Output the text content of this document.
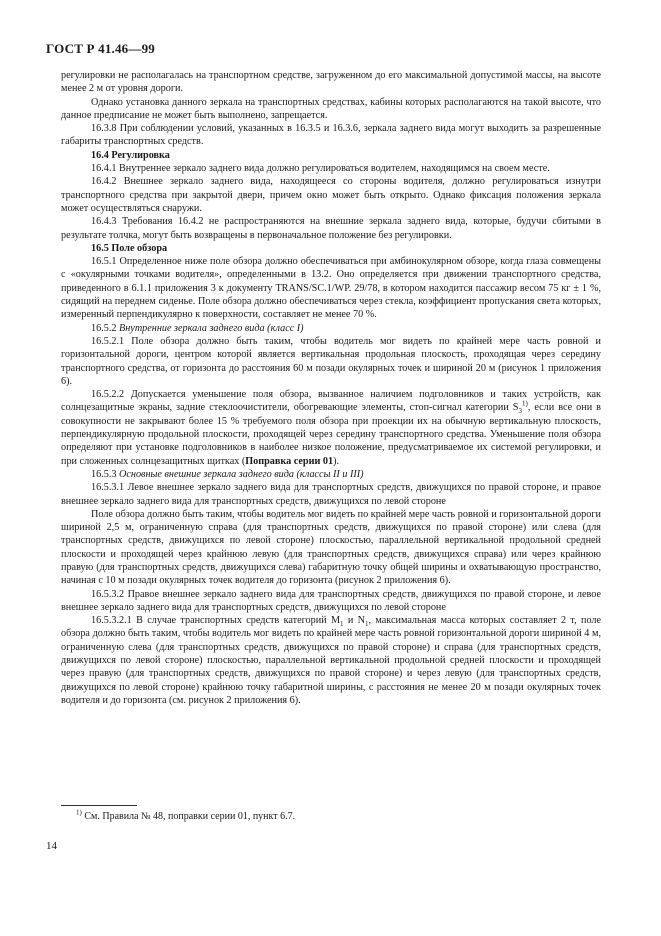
ГОСТ Р 41.46—99

регулировки не располагалась на транспортном средстве, загруженном до его максимальной допустимой массы, на высоте менее 2 м от уровня дороги.

Однако установка данного зеркала на транспортных средствах, кабины которых располагаются на такой высоте, что данное предписание не может быть выполнено, запрещается.

16.3.8 При соблюдении условий, указанных в 16.3.5 и 16.3.6, зеркала заднего вида могут выходить за разрешенные габариты транспортных средств.

16.4 Регулировка

16.4.1 Внутреннее зеркало заднего вида должно регулироваться водителем, находящимся на своем месте.

16.4.2 Внешнее зеркало заднего вида, находящееся со стороны водителя, должно регулироваться изнутри транспортного средства при закрытой двери, причем окно может быть открыто. Однако фиксация положения зеркала может осуществляться снаружи.

16.4.3 Требования 16.4.2 не распространяются на внешние зеркала заднего вида, которые, будучи сбитыми в результате толчка, могут быть возвращены в первоначальное положение без регулировки.

16.5 Поле обзора

16.5.1 Определенное ниже поле обзора должно обеспечиваться при амбинокулярном обзоре, когда глаза совмещены с «окулярными точками водителя», определенными в 13.2. Оно определяется при движении транспортного средства, приведенного в 6.1.1 приложения 3 к документу TRANS/SC.1/WP. 29/78, в котором находится пассажир весом 75 кг ± 1 %, сидящий на переднем сиденье. Поле обзора должно обеспечиваться через стекла, коэффициент пропускания света которых, измеренный перпендикулярно к поверхности, составляет не менее 70 %.

16.5.2 Внутренние зеркала заднего вида (класс I)

16.5.2.1 Поле обзора должно быть таким, чтобы водитель мог видеть по крайней мере часть ровной и горизонтальной дороги, центром которой является вертикальная продольная плоскость, проходящая через середину транспортного средства, от горизонта до расстояния 60 м позади окулярных точек и шириной 20 м (рисунок 1 приложения 6).

16.5.2.2 Допускается уменьшение поля обзора, вызванное наличием подголовников и таких устройств, как солнцезащитные экраны, задние стеклоочистители, обогревающие элементы, стоп-сигнал категории $S_3^{1)}$, если все они в совокупности не закрывают более 15 % требуемого поля обзора при проекции их на обычную вертикальную плоскость, перпендикулярную продольной плоскости, проходящей через середину транспортного средства. Уменьшение поля обзора определяют при установке подголовников в наиболее низкое положение, предусматриваемое их системой регулировки, и при сложенных солнцезащитных щитках (Поправка серии 01).

16.5.3 Основные внешние зеркала заднего вида (классы II и III)

16.5.3.1 Левое внешнее зеркало заднего вида для транспортных средств, движущихся по правой стороне, и правое внешнее зеркало заднего вида для транспортных средств, движущихся по левой стороне

Поле обзора должно быть таким, чтобы водитель мог видеть по крайней мере часть ровной и горизонтальной дороги шириной 2,5 м, ограниченную справа (для транспортных средств, движущихся по правой стороне) или слева (для транспортных средств, движущихся по левой стороне) плоскостью, параллельной вертикальной продольной средней плоскости и проходящей через крайнюю левую (для транспортных средств, движущихся справа) или через крайнюю правую (для транспортных средств, движущихся слева) габаритную точку общей ширины и охватывающую пространство, начиная с 10 м позади окулярных точек водителя до горизонта (рисунок 2 приложения 6).

16.5.3.2 Правое внешнее зеркало заднего вида для транспортных средств, движущихся по правой стороне, и левое внешнее зеркало заднего вида для транспортных средств, движущихся по левой стороне

16.5.3.2.1 В случае транспортных средств категорий $М_1$ и $N_1$, максимальная масса которых составляет 2 т, поле обзора должно быть таким, чтобы водитель мог видеть по крайней мере часть ровной горизонтальной дороги шириной 4 м, ограниченную слева (для транспортных средств, движущихся по правой стороне) и справа (для транспортных средств, движущихся по левой стороне) плоскостью, параллельной вертикальной продольной средней плоскости и проходящей через правую (для транспортных средств, движущихся по правой стороне) и через левую (для транспортных средств, движущихся по левой стороне) крайнюю точку габаритной ширины, с расстояния не менее 20 м позади окулярных точек водителя и до горизонта (см. рисунок 2 приложения 6).

$^{1)}$ См. Правила № 48, поправки серии 01, пункт 6.7.
14
